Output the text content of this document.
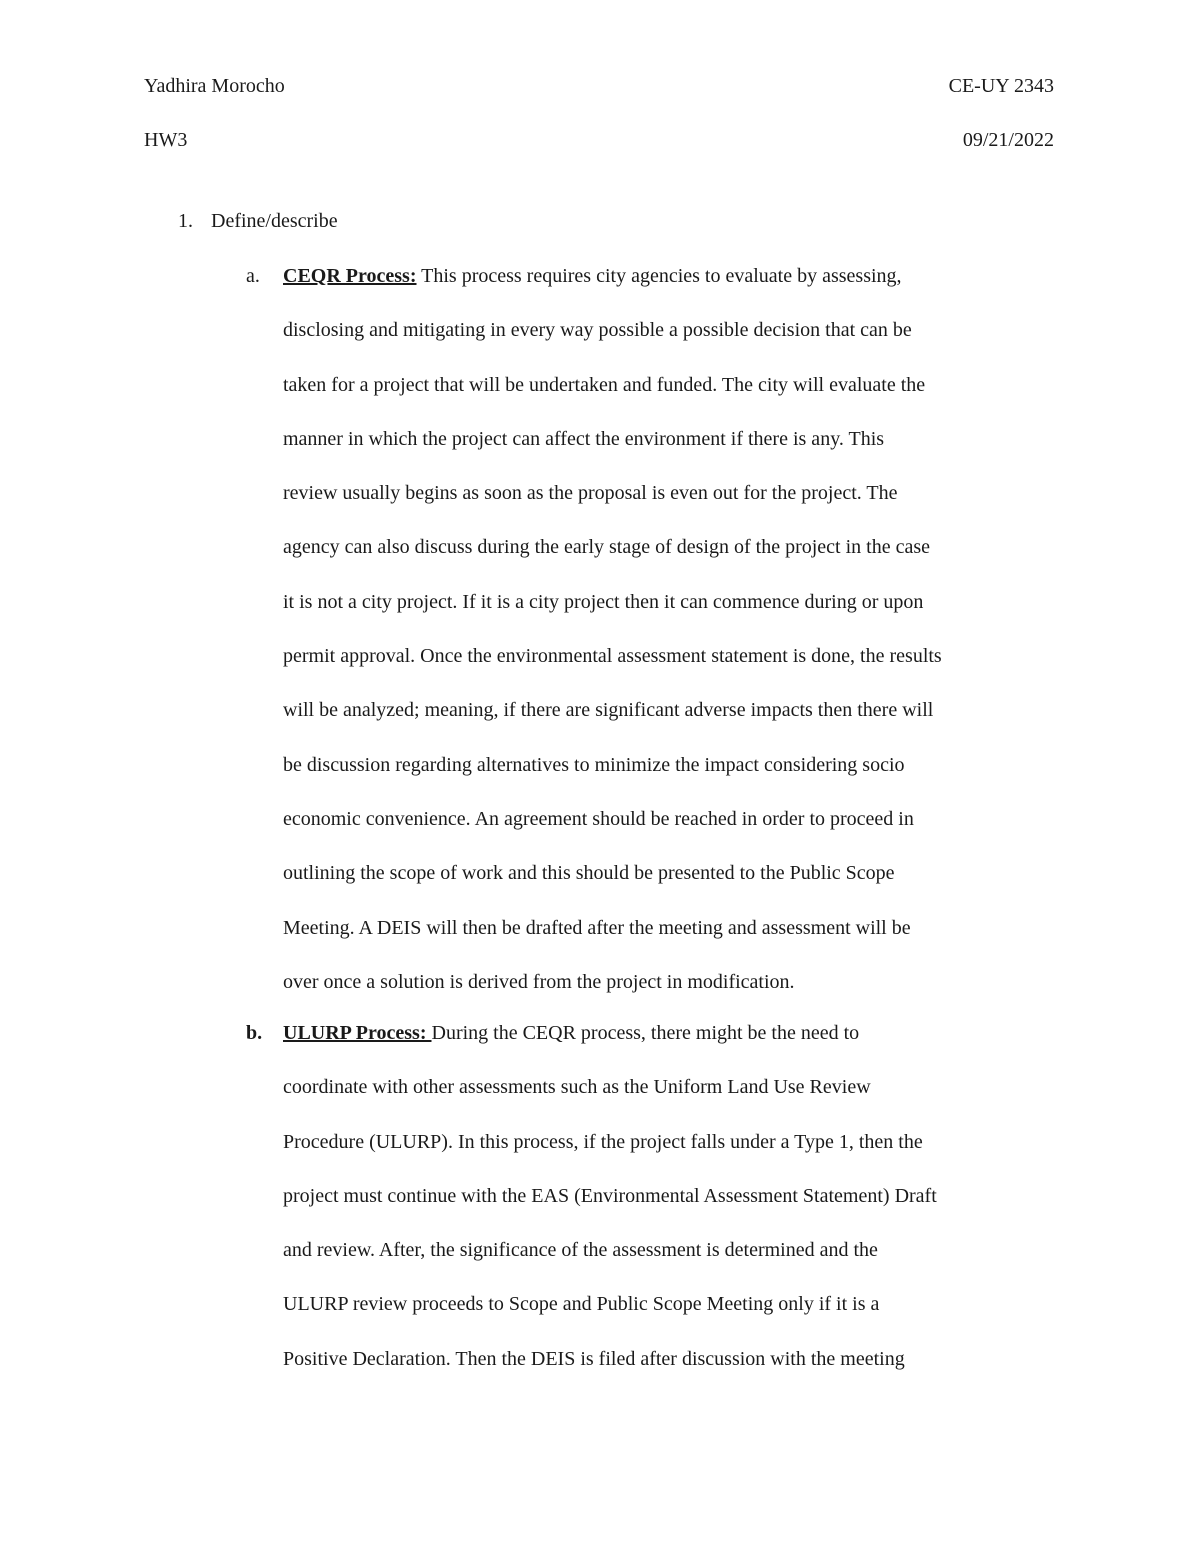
Yadhira Morocho	CE-UY 2343
HW3	09/21/2022
1. Define/describe
a. CEQR Process: This process requires city agencies to evaluate by assessing,
disclosing and mitigating in every way possible a possible decision that can be
taken for a project that will be undertaken and funded. The city will evaluate the
manner in which the project can affect the environment if there is any. This
review usually begins as soon as the proposal is even out for the project. The
agency can also discuss during the early stage of design of the project in the case
it is not a city project. If it is a city project then it can commence during or upon
permit approval. Once the environmental assessment statement is done, the results
will be analyzed; meaning, if there are significant adverse impacts then there will
be discussion regarding alternatives to minimize the impact considering socio
economic convenience. An agreement should be reached in order to proceed in
outlining the scope of work and this should be presented to the Public Scope
Meeting. A DEIS will then be drafted after the meeting and assessment will be
over once a solution is derived from the project in modification.
b. ULURP Process: During the CEQR process, there might be the need to
coordinate with other assessments such as the Uniform Land Use Review
Procedure (ULURP). In this process, if the project falls under a Type 1, then the
project must continue with the EAS (Environmental Assessment Statement) Draft
and review. After, the significance of the assessment is determined and the
ULURP review proceeds to Scope and Public Scope Meeting only if it is a
Positive Declaration. Then the DEIS is filed after discussion with the meeting
